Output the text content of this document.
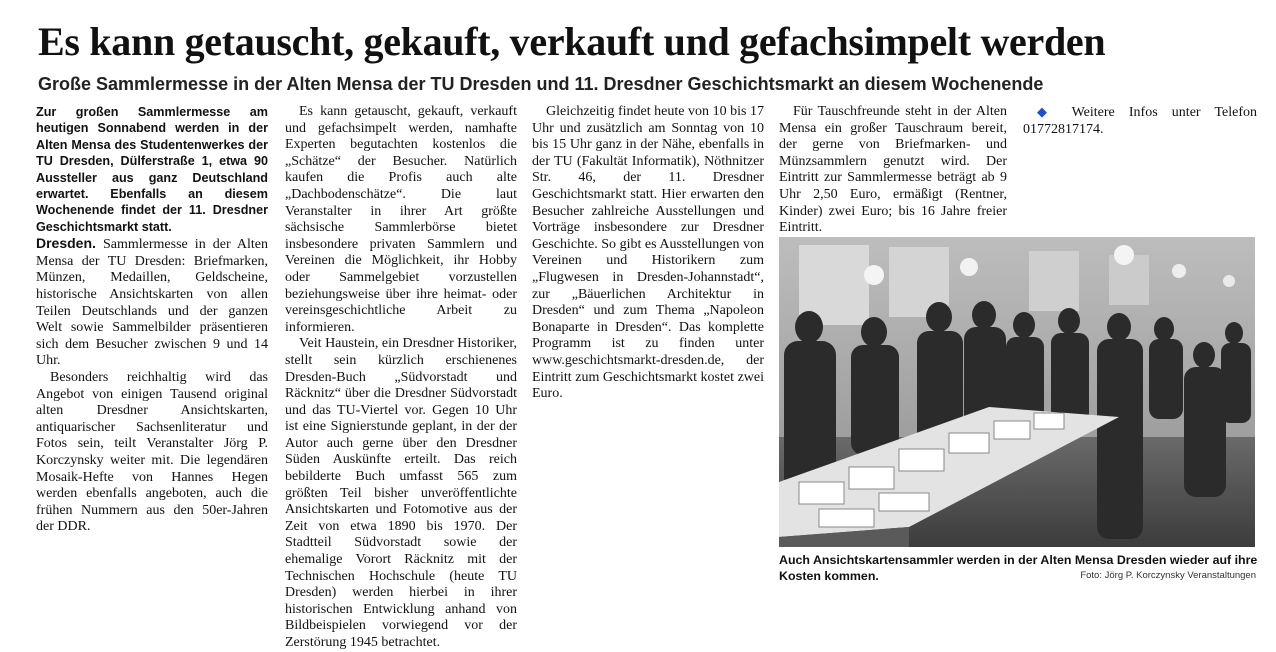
Es kann getauscht, gekauft, verkauft und gefachsimpelt werden
Große Sammlermesse in der Alten Mensa der TU Dresden und 11. Dresdner Geschichtsmarkt an diesem Wochenende

Zur großen Sammlermesse am heutigen Sonnabend werden in der Alten Mensa des Studentenwerkes der TU Dresden, Dülferstraße 1, etwa 90 Aussteller aus ganz Deutschland erwartet. Ebenfalls an diesem Wochenende findet der 11. Dresdner Geschichtsmarkt statt.

Dresden. Sammlermesse in der Alten Mensa der TU Dresden: Briefmarken, Münzen, Medaillen, Geldscheine, historische Ansichtskarten von allen Teilen Deutschlands und der ganzen Welt sowie Sammelbilder präsentieren sich dem Besucher zwischen 9 und 14 Uhr.

Besonders reichhaltig wird das Angebot von einigen Tausend original alten Dresdner Ansichtskarten, antiquarischer Sachsenliteratur und Fotos sein, teilt Veranstalter Jörg P. Korczynsky weiter mit. Die legendären Mosaik-Hefte von Hannes Hegen werden ebenfalls angeboten, auch die frühen Nummern aus den 50er-Jahren der DDR.

Es kann getauscht, gekauft, verkauft und gefachsimpelt werden, namhafte Experten begutachten kostenlos die „Schätze“ der Besucher. Natürlich kaufen die Profis auch alte „Dachbodenschätze“. Die laut Veranstalter in ihrer Art größte sächsische Sammlerbörse bietet insbesondere privaten Sammlern und Vereinen die Möglichkeit, ihr Hobby oder Sammelgebiet vorzustellen beziehungsweise über ihre heimat- oder vereinsgeschichtliche Arbeit zu informieren.

Veit Haustein, ein Dresdner Historiker, stellt sein kürzlich erschienenes Dresden-Buch „Südvorstadt und Räcknitz“ über die Dresdner Südvorstadt und das TU-Viertel vor. Gegen 10 Uhr ist eine Signierstunde geplant, in der der Autor auch gerne über den Dresdner Süden Auskünfte erteilt. Das reich bebilderte Buch umfasst 565 zum größten Teil bisher unveröffentlichte Ansichtskarten und Fotomotive aus der Zeit von etwa 1890 bis 1970. Der Stadtteil Südvorstadt sowie der ehemalige Vorort Räcknitz mit der Technischen Hochschule (heute TU Dresden) werden hierbei in ihrer historischen Entwicklung anhand von Bildbeispielen vorwiegend vor der Zerstörung 1945 betrachtet.

Gleichzeitig findet heute von 10 bis 17 Uhr und zusätzlich am Sonntag von 10 bis 15 Uhr ganz in der Nähe, ebenfalls in der TU (Fakultät Informatik), Nöthnitzer Str. 46, der 11. Dresdner Geschichtsmarkt statt. Hier erwarten den Besucher zahlreiche Ausstellungen und Vorträge insbesondere zur Dresdner Geschichte. So gibt es Ausstellungen von Vereinen und Historikern zum „Flugwesen in Dresden-Johannstadt“, zur „Bäuerlichen Architektur in Dresden“ und zum Thema „Napoleon Bonaparte in Dresden“. Das komplette Programm ist zu finden unter www.geschichtsmarkt-dresden.de, der Eintritt zum Geschichtsmarkt kostet zwei Euro.

Für Tauschfreunde steht in der Alten Mensa ein großer Tauschraum bereit, der gerne von Briefmarken- und Münzsammlern genutzt wird. Der Eintritt zur Sammlermesse beträgt ab 9 Uhr 2,50 Euro, ermäßigt (Rentner, Kinder) zwei Euro; bis 16 Jahre freier Eintritt.

◆ Weitere Infos unter Telefon 01772817174.

Auch Ansichtskartensammler werden in der Alten Mensa Dresden wieder auf ihre Kosten kommen.	Foto: Jörg P. Korczynsky Veranstaltungen
